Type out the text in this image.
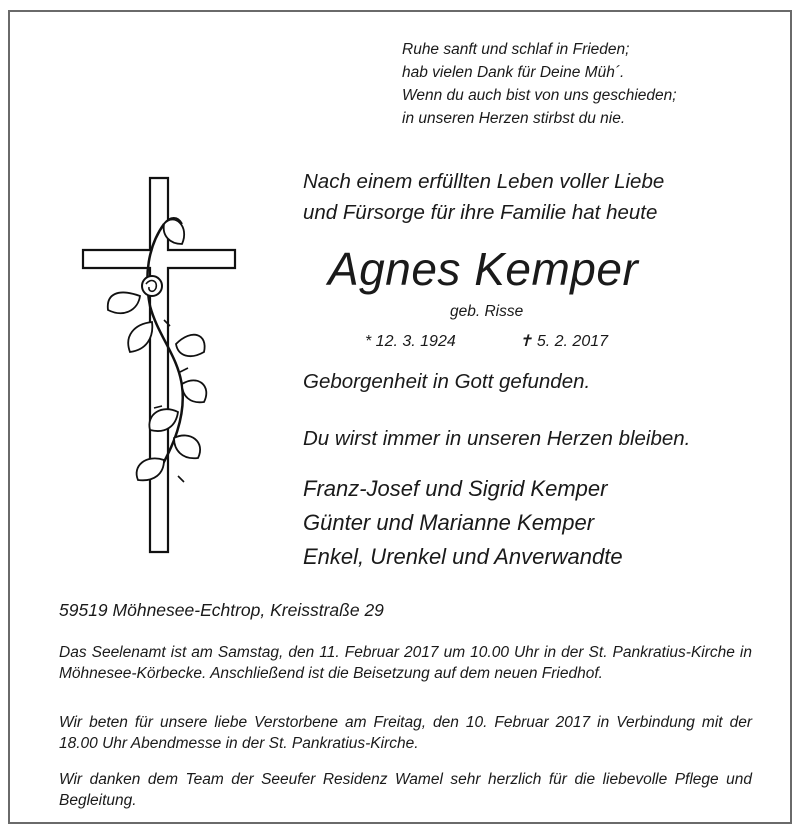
Ruhe sanft und schlaf in Frieden;
hab vielen Dank für Deine Müh´.
Wenn du auch bist von uns geschieden;
in unseren Herzen stirbst du nie.
Nach einem erfüllten Leben voller Liebe
und Fürsorge für ihre Familie hat heute
Agnes Kemper
geb. Risse
* 12. 3. 1924	✝ 5. 2. 2017
Geborgenheit in Gott gefunden.
Du wirst immer in unseren Herzen bleiben.
Franz-Josef und Sigrid Kemper
Günter und Marianne Kemper
Enkel, Urenkel und Anverwandte
59519 Möhnesee-Echtrop, Kreisstraße 29
Das Seelenamt ist am Samstag, den 11. Februar 2017 um 10.00 Uhr in der St. Pankratius-Kirche in Möhnesee-Körbecke. Anschließend ist die Beisetzung auf dem neuen Friedhof.
Wir beten für unsere liebe Verstorbene am Freitag, den 10. Februar 2017 in Verbindung mit der 18.00 Uhr Abendmesse in der St. Pankratius-Kirche.
Wir danken dem Team der Seeufer Residenz Wamel sehr herzlich für die liebevolle Pflege und Begleitung.
